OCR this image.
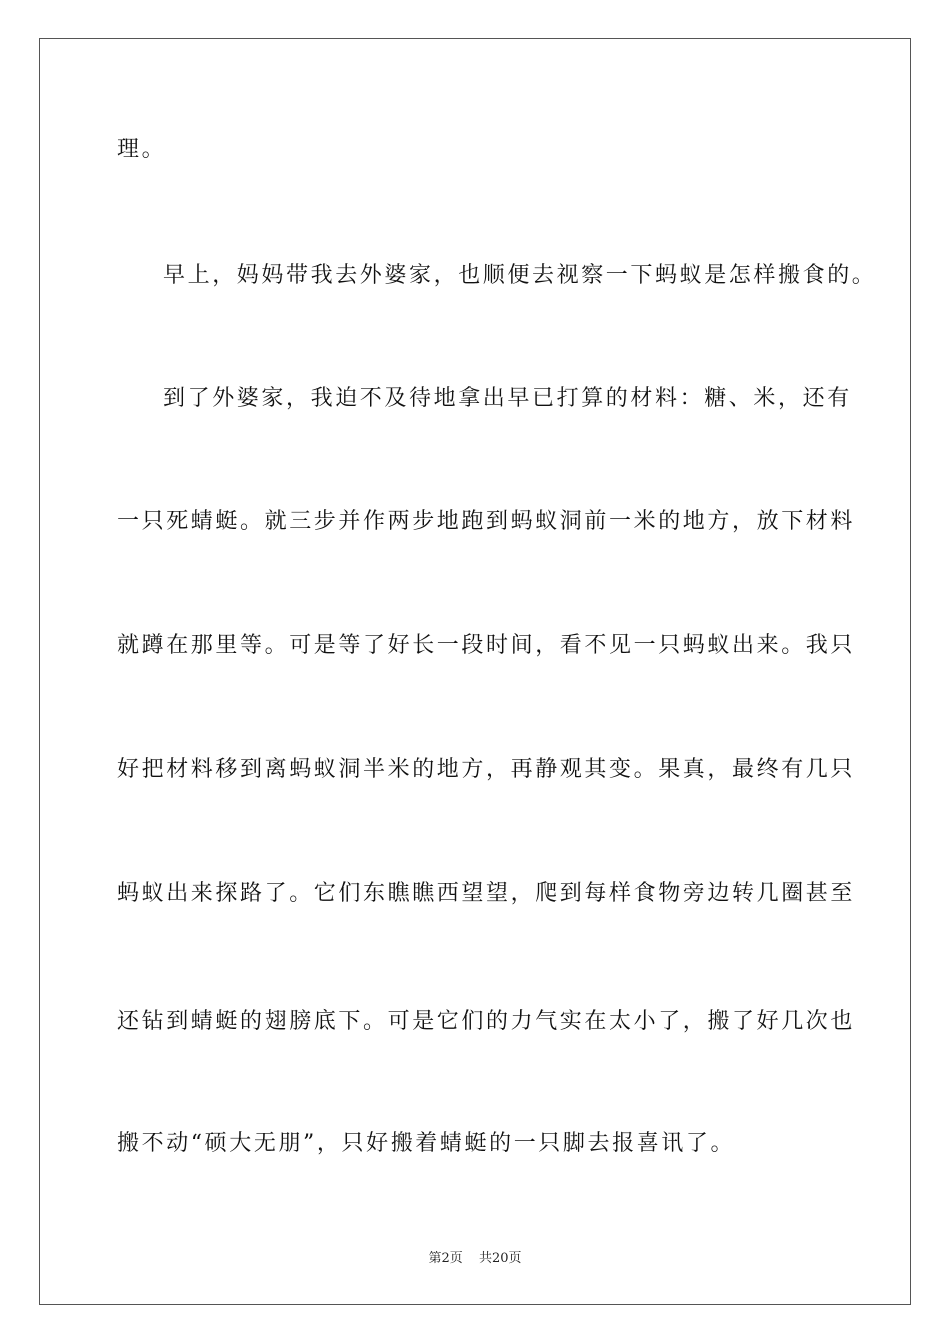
理。
早上，妈妈带我去外婆家，也顺便去视察一下蚂蚁是怎样搬食的。
到了外婆家，我迫不及待地拿出早已打算的材料：糖、米，还有
一只死蜻蜓。就三步并作两步地跑到蚂蚁洞前一米的地方，放下材料
就蹲在那里等。可是等了好长一段时间，看不见一只蚂蚁出来。我只
好把材料移到离蚂蚁洞半米的地方，再静观其变。果真，最终有几只
蚂蚁出来探路了。它们东瞧瞧西望望，爬到每样食物旁边转几圈甚至
还钻到蜻蜓的翅膀底下。可是它们的力气实在太小了，搬了好几次也
搬不动“硕大无朋”，只好搬着蜻蜓的一只脚去报喜讯了。
第2页 共20页
